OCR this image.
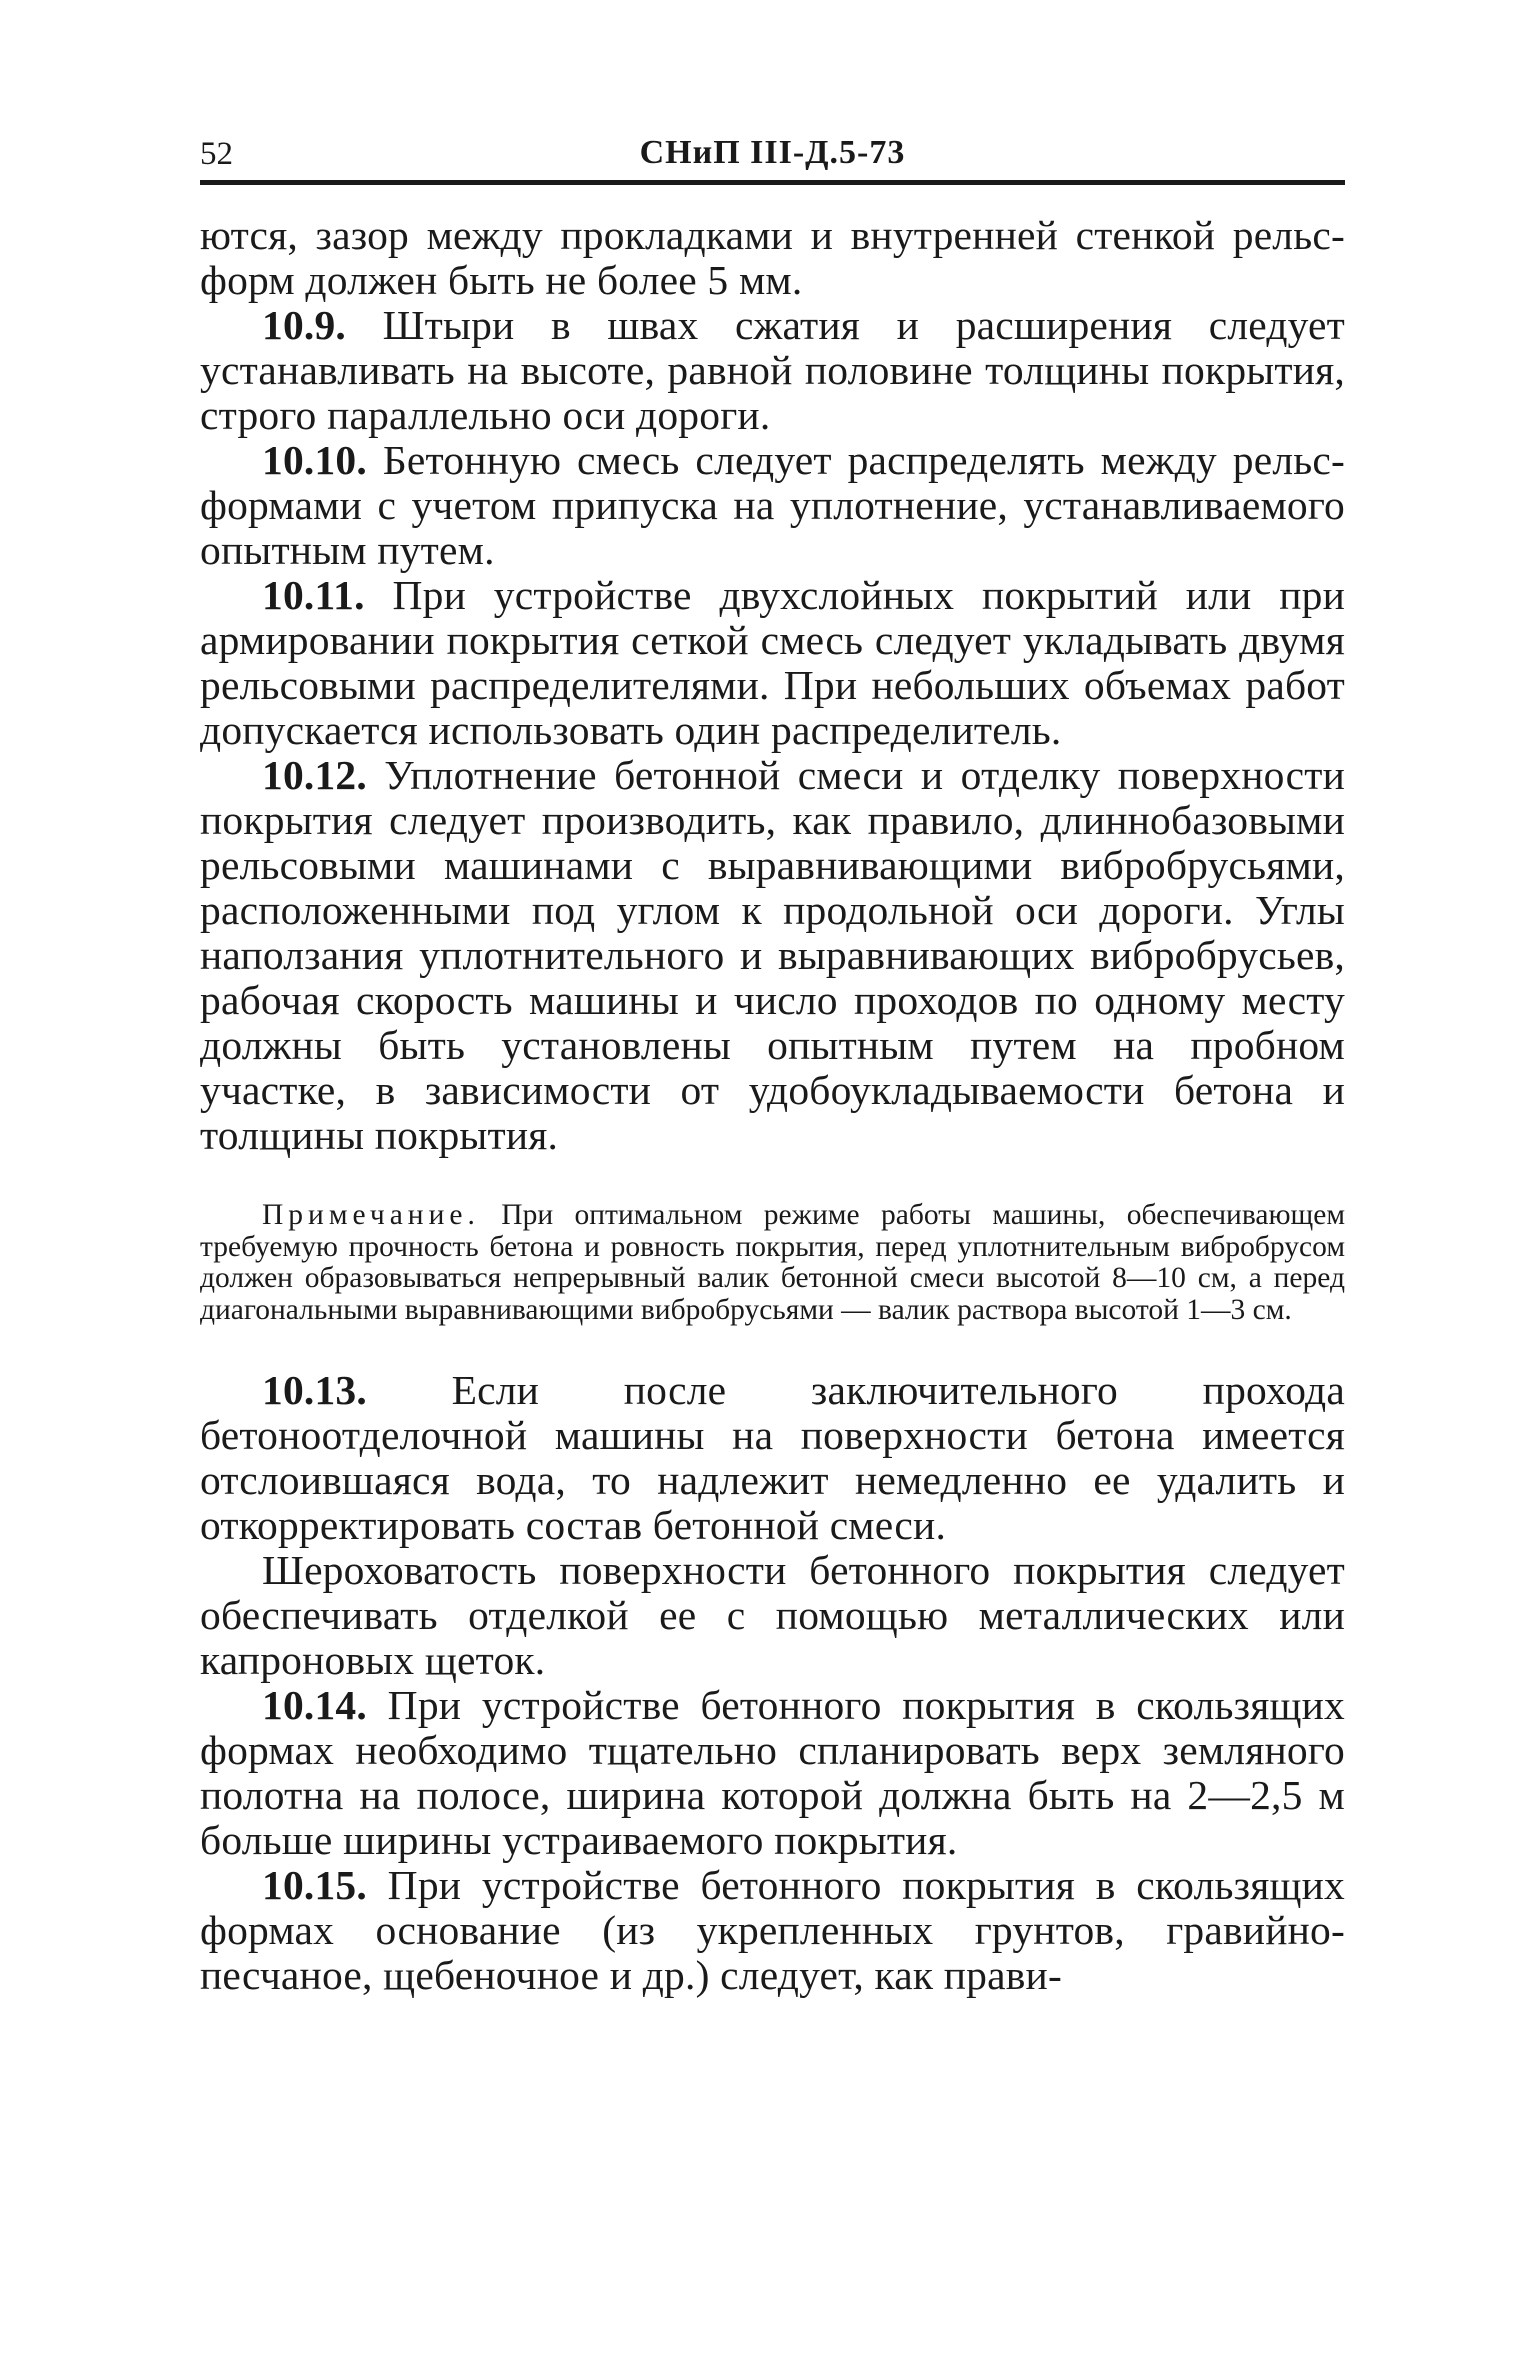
52	СНиП III-Д.5-73

ются, зазор между прокладками и внутренней стенкой рельс-форм должен быть не более 5 мм.

10.9. Штыри в швах сжатия и расширения следует устанавливать на высоте, равной половине толщины покрытия, строго параллельно оси дороги.

10.10. Бетонную смесь следует распределять между рельс-формами с учетом припуска на уплотнение, устанавливаемого опытным путем.

10.11. При устройстве двухслойных покрытий или при армировании покрытия сеткой смесь следует укладывать двумя рельсовыми распределителями. При небольших объемах работ допускается использовать один распределитель.

10.12. Уплотнение бетонной смеси и отделку поверхности покрытия следует производить, как правило, длиннобазовыми рельсовыми машинами с выравнивающими вибробрусьями, расположенными под углом к продольной оси дороги. Углы наползания уплотнительного и выравнивающих вибробрусьев, рабочая скорость машины и число проходов по одному месту должны быть установлены опытным путем на пробном участке, в зависимости от удобоукладываемости бетона и толщины покрытия.

Примечание. При оптимальном режиме работы машины, обеспечивающем требуемую прочность бетона и ровность покрытия, перед уплотнительным вибробрусом должен образовываться непрерывный валик бетонной смеси высотой 8—10 см, а перед диагональными выравнивающими вибробрусьями — валик раствора высотой 1—3 см.

10.13. Если после заключительного прохода бетоноотделочной машины на поверхности бетона имеется отслоившаяся вода, то надлежит немедленно ее удалить и откорректировать состав бетонной смеси.

Шероховатость поверхности бетонного покрытия следует обеспечивать отделкой ее с помощью металлических или капроновых щеток.

10.14. При устройстве бетонного покрытия в скользящих формах необходимо тщательно спланировать верх земляного полотна на полосе, ширина которой должна быть на 2—2,5 м больше ширины устраиваемого покрытия.

10.15. При устройстве бетонного покрытия в скользящих формах основание (из укрепленных грунтов, гравийно-песчаное, щебеночное и др.) следует, как прави-
